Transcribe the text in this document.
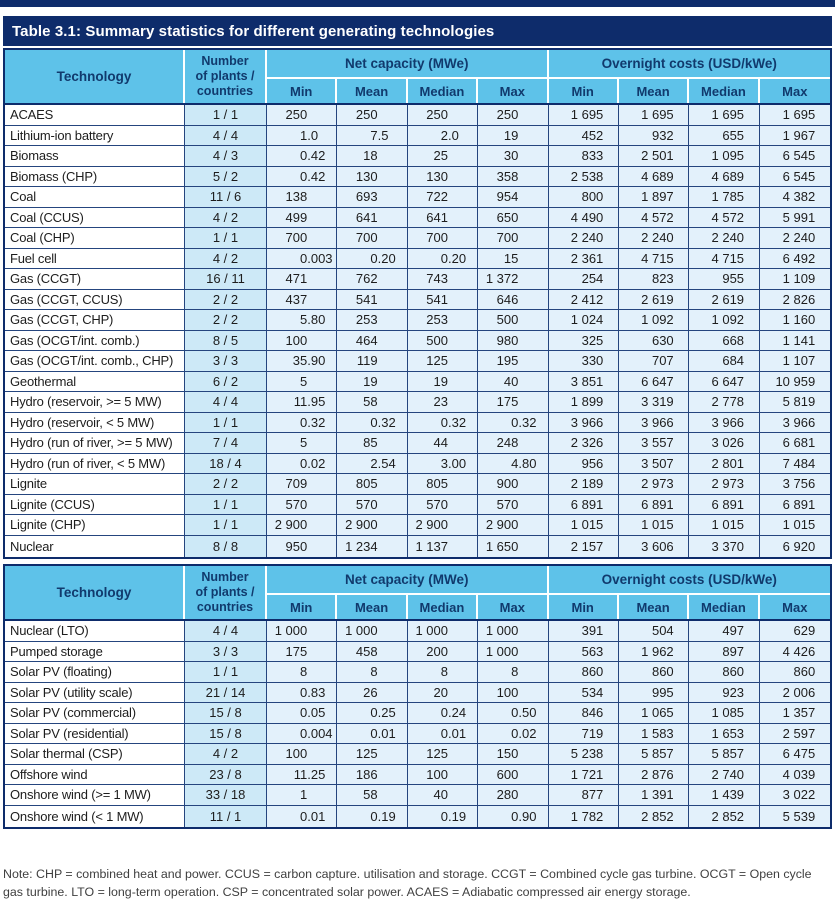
Table 3.1: Summary statistics for different generating technologies
Technology
Number
of plants /
countries
Net capacity (MWe)	Overnight costs (USD/kWe)
Min	Mean	Median	Max	Min	Mean	Median	Max
ACAES	1 / 1	250	250	250	250	1 695	1 695	1 695	1 695
Lithium-ion battery	4 / 4	1 .0	7 .5	2 .0	19	452	932	655	1 967
Biomass	4 / 3	0 .42	18	25	30	833	2 501	1 095	6 545
Biomass (CHP)	5 / 2	0 .42	130	130	358	2 538	4 689	4 689	6 545
Coal	11 / 6	138	693	722	954	800	1 897	1 785	4 382
Coal (CCUS)	4 / 2	499	641	641	650	4 490	4 572	4 572	5 991
Coal (CHP)	1 / 1	700	700	700	700	2 240	2 240	2 240	2 240
Fuel cell	4 / 2	0 .003	0 .20	0 .20	15	2 361	4 715	4 715	6 492
Gas (CCGT)	16 / 11	471	762	743	1 372	254	823	955	1 109
Gas (CCGT, CCUS)	2 / 2	437	541	541	646	2 412	2 619	2 619	2 826
Gas (CCGT, CHP)	2 / 2	5 .80	253	253	500	1 024	1 092	1 092	1 160
Gas (OCGT/int. comb.)	8 / 5	100	464	500	980	325	630	668	1 141
Gas (OCGT/int. comb., CHP)	3 / 3	35 .90	119	125	195	330	707	684	1 107
Geothermal	6 / 2	5	19	19	40	3 851	6 647	6 647	10 959
Hydro (reservoir, >= 5 MW)	4 / 4	11 .95	58	23	175	1 899	3 319	2 778	5 819
Hydro (reservoir, < 5 MW)	1 / 1	0 .32	0 .32	0 .32	0 .32	3 966	3 966	3 966	3 966
Hydro (run of river, >= 5 MW)	7 / 4	5	85	44	248	2 326	3 557	3 026	6 681
Hydro (run of river, < 5 MW)	18 / 4	0 .02	2 .54	3 .00	4 .80	956	3 507	2 801	7 484
Lignite	2 / 2	709	805	805	900	2 189	2 973	2 973	3 756
Lignite (CCUS)	1 / 1	570	570	570	570	6 891	6 891	6 891	6 891
Lignite (CHP)	1 / 1	2 900	2 900	2 900	2 900	1 015	1 015	1 015	1 015
Nuclear	8 / 8	950	1 234	1 137	1 650	2 157	3 606	3 370	6 920
Technology
Number
of plants /
countries
Net capacity (MWe)	Overnight costs (USD/kWe)
Min	Mean	Median	Max	Min	Mean	Median	Max
Nuclear (LTO)	4 / 4	1 000	1 000	1 000	1 000	391	504	497	629
Pumped storage	3 / 3	175	458	200	1 000	563	1 962	897	4 426
Solar PV (floating)	1 / 1	8	8	8	8	860	860	860	860
Solar PV (utility scale)	21 / 14	0 .83	26	20	100	534	995	923	2 006
Solar PV (commercial)	15 / 8	0 .05	0 .25	0 .24	0 .50	846	1 065	1 085	1 357
Solar PV (residential)	15 / 8	0 .004	0 .01	0 .01	0 .02	719	1 583	1 653	2 597
Solar thermal (CSP)	4 / 2	100	125	125	150	5 238	5 857	5 857	6 475
Offshore wind	23 / 8	11 .25	186	100	600	1 721	2 876	2 740	4 039
Onshore wind (>= 1 MW)	33 / 18	1	58	40	280	877	1 391	1 439	3 022
Onshore wind (< 1 MW)	11 / 1	0 .01	0 .19	0 .19	0 .90	1 782	2 852	2 852	5 539

Note: CHP = combined heat and power. CCUS = carbon capture. utilisation and storage. CCGT = Combined cycle gas turbine. OCGT = Open cycle gas turbine. LTO = long-term operation. CSP = concentrated solar power. ACAES = Adiabatic compressed air energy storage.
